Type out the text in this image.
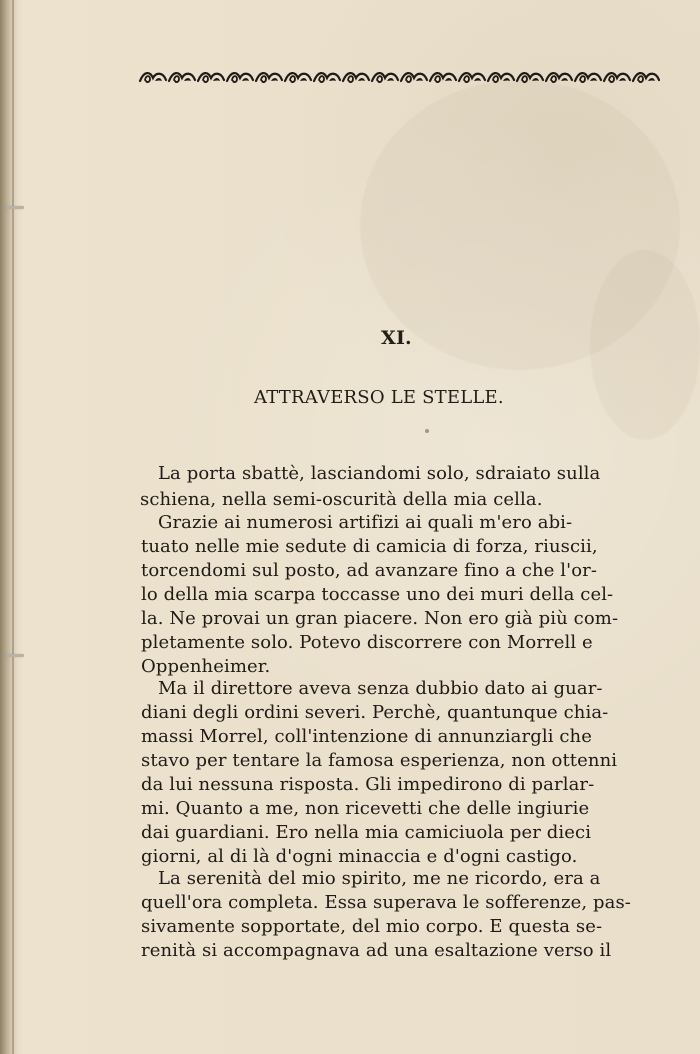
XI.
ATTRAVERSO LE STELLE.

La porta sbattè, lasciandomi solo, sdraiato sulla

schiena, nella semi-oscurità della mia cella.

Grazie ai numerosi artifizi ai quali m'ero abi-

tuato nelle mie sedute di camicia di forza, riuscii,

torcendomi sul posto, ad avanzare fino a che l'or-

lo della mia scarpa toccasse uno dei muri della cel-

la. Ne provai un gran piacere. Non ero già più com-

pletamente solo. Potevo discorrere con Morrell e

Oppenheimer.

Ma il direttore aveva senza dubbio dato ai guar-

diani degli ordini severi. Perchè, quantunque chia-

massi Morrel, coll'intenzione di annunziargli che

stavo per tentare la famosa esperienza, non ottenni

da lui nessuna risposta. Gli impedirono di parlar-

mi. Quanto a me, non ricevetti che delle ingiurie

dai guardiani. Ero nella mia camiciuola per dieci

giorni, al di là d'ogni minaccia e d'ogni castigo.

La serenità del mio spirito, me ne ricordo, era a

quell'ora completa. Essa superava le sofferenze, pas-

sivamente sopportate, del mio corpo. E questa se-

renità si accompagnava ad una esaltazione verso il
